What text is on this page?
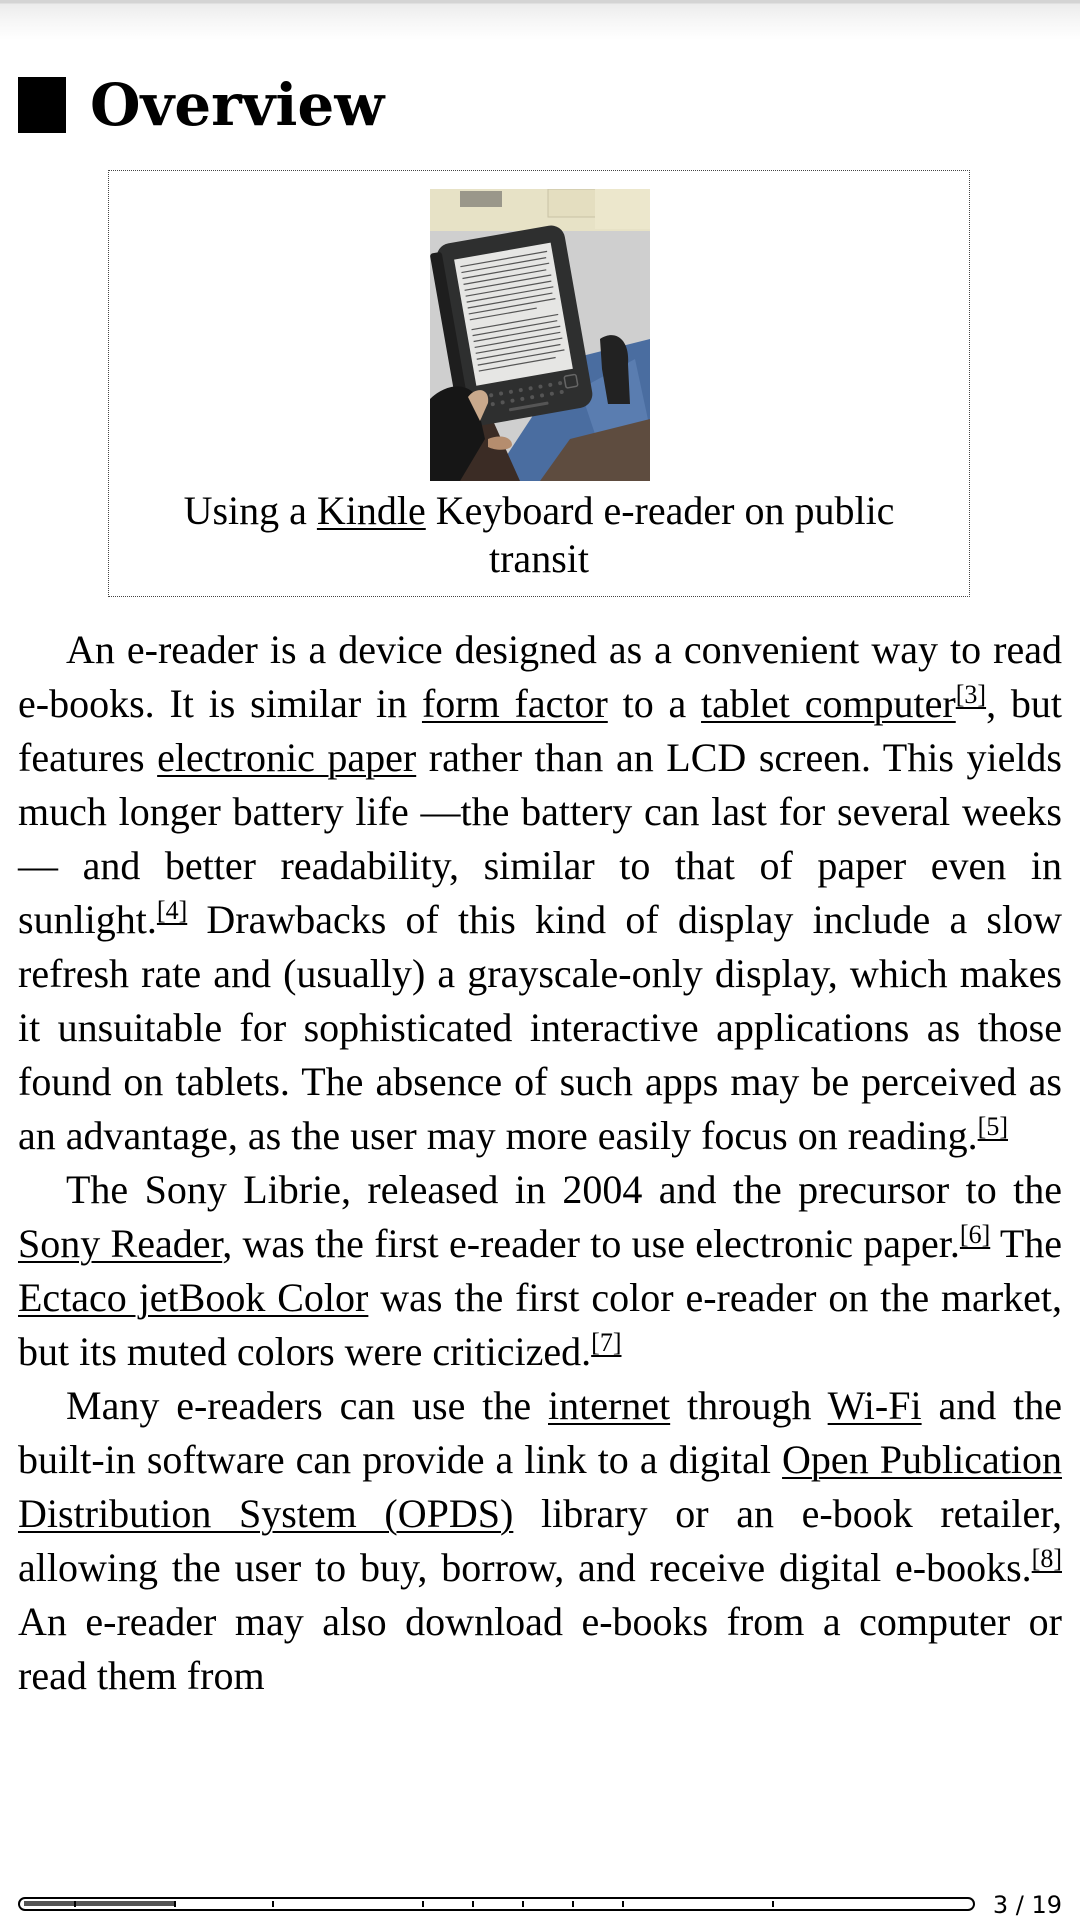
Overview
Using a Kindle Keyboard e-reader on public transit

An e-reader is a device designed as a convenient way to read e-books. It is similar in form factor to a tablet computer[3], but features electronic paper rather than an LCD screen. This yields much longer battery life —the battery can last for several weeks— and better readability, similar to that of paper even in sunlight.[4] Drawbacks of this kind of display include a slow refresh rate and (usually) a grayscale-only display, which makes it unsuitable for sophisticated interactive applications as those found on tablets. The absence of such apps may be perceived as an advantage, as the user may more easily focus on reading.[5]

The Sony Librie, released in 2004 and the precursor to the Sony Reader, was the first e-reader to use electronic paper.[6] The Ectaco jetBook Color was the first color e-reader on the market, but its muted colors were criticized.[7]

Many e-readers can use the internet through Wi-Fi and the built-in software can provide a link to a digital Open Publication Distribution System (OPDS) library or an e-book retailer, allowing the user to buy, borrow, and receive digital e-books.[8] An e-reader may also download e-books from a computer or read them from

3 / 19
